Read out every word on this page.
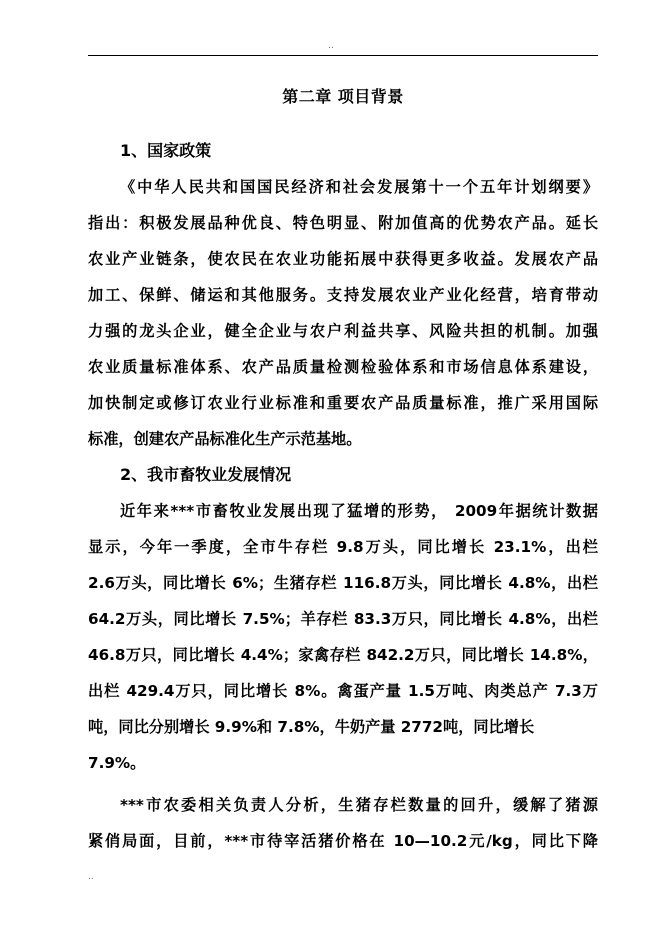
..
第二章 项目背景
1、国家政策

《中华人民共和国国民经济和社会发展第十一个五年计划纲要》
指出：积极发展品种优良、特色明显、附加值高的优势农产品。延长
农业产业链条，使农民在农业功能拓展中获得更多收益。发展农产品
加工、保鲜、储运和其他服务。支持发展农业产业化经营，培育带动
力强的龙头企业，健全企业与农户利益共享、风险共担的机制。加强
农业质量标准体系、农产品质量检测检验体系和市场信息体系建设，
加快制定或修订农业行业标准和重要农产品质量标准，推广采用国际
标准，创建农产品标准化生产示范基地。

2、我市畜牧业发展情况

近年来***市畜牧业发展出现了猛增的形势， 2009年据统计数据
显示，今年一季度，全市牛存栏 9.8万头，同比增长 23.1%，出栏
2.6万头，同比增长 6%；生猪存栏 116.8万头，同比增长 4.8%，出栏
64.2万头，同比增长 7.5%；羊存栏 83.3万只，同比增长 4.8%，出栏
46.8万只，同比增长 4.4%；家禽存栏 842.2万只，同比增长 14.8%，
出栏 429.4万只，同比增长 8%。禽蛋产量 1.5万吨、肉类总产 7.3万
吨，同比分别增长 9.9%和 7.8%，牛奶产量 2772吨，同比增长
7.9%。

***市农委相关负责人分析，生猪存栏数量的回升，缓解了猪源
紧俏局面，目前，***市待宰活猪价格在 10—10.2元/kg，同比下降

..
